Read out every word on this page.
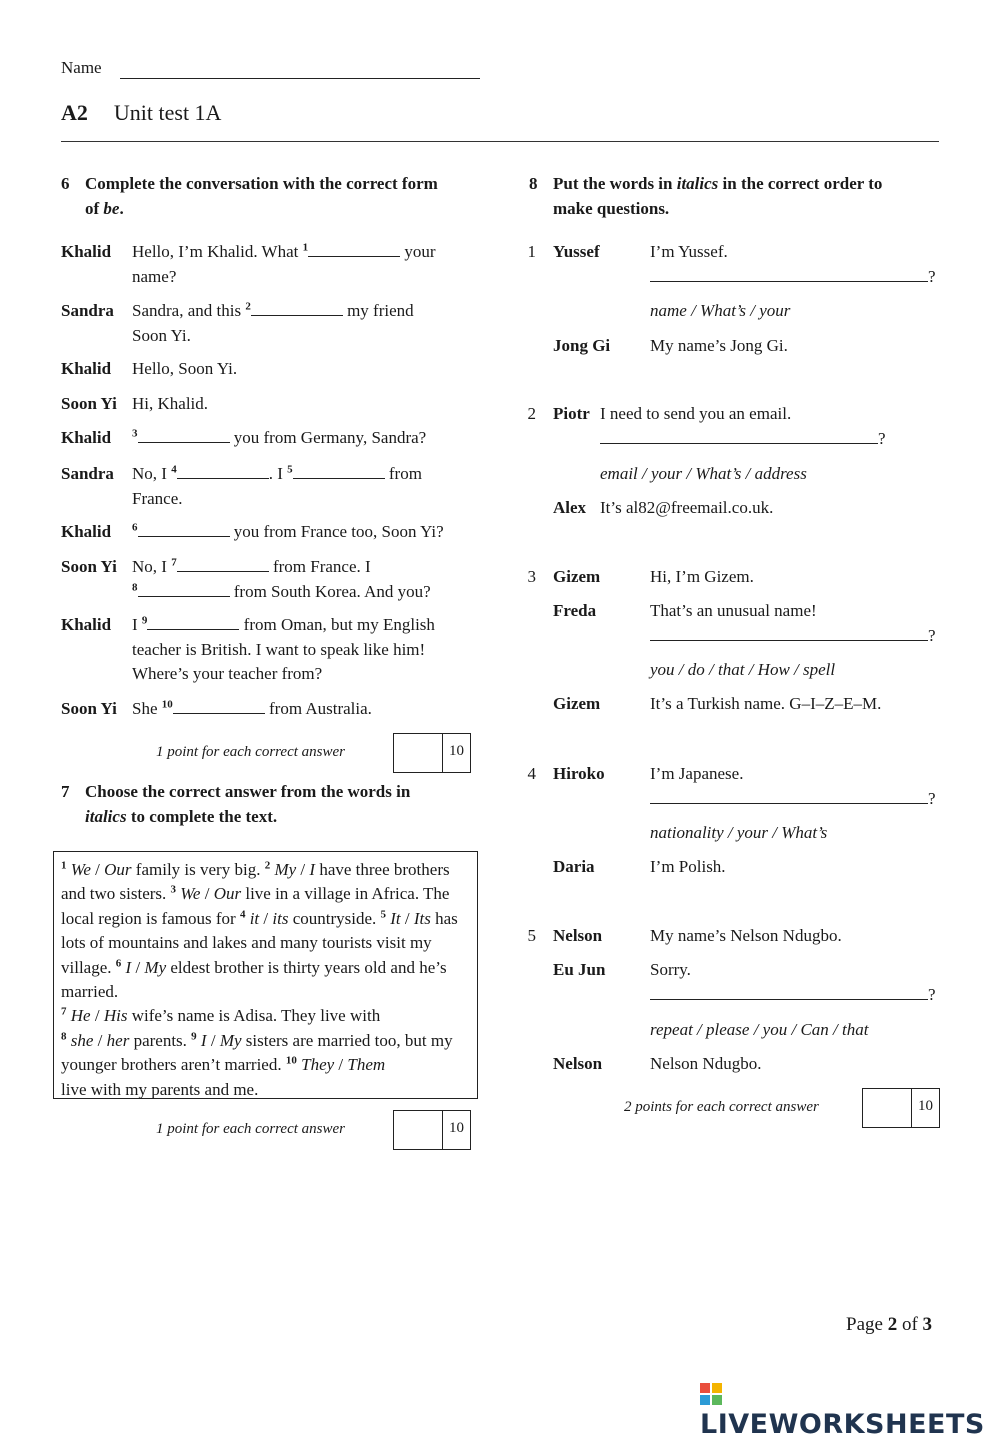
Name
A2 Unit test 1A
6 Complete the conversation with the correct form
of be.
Khalid Hello, I’m Khalid. What $^1$	your
name?
Sandra Sandra, and this $^2$	my friend
Soon Yi.
Khalid Hello, Soon Yi.
Soon Yi Hi, Khalid.
Khalid $^3$	you from Germany, Sandra?
Sandra No, I $^4$	. I $^5$	from
France.
Khalid $^6$	you from France too, Soon Yi?
Soon Yi No, I $^7$	from France. I
$^8$	from South Korea. And you?
Khalid I $^9$	from Oman, but my English
teacher is British. I want to speak like him!
Where’s your teacher from?
Soon Yi She $^{10}$	from Australia.
1 point for each correct answer	10
7 Choose the correct answer from the words in
italics to complete the text.

$^1$ We / Our family is very big. $^2$ My / I have three brothers and two sisters. $^3$ We / Our live in a village in Africa. The local region is famous for $^4$ it / its countryside. $^5$ It / Its has lots of mountains and lakes and many tourists visit my village. $^6$ I / My eldest brother is thirty years old and he’s married.
$^7$ He / His wife’s name is Adisa. They live with
$^8$ she / her parents. $^9$ I / My sisters are married too, but my younger brothers aren’t married. $^{10}$ They / Them
live with my parents and me.

1 point for each correct answer	10
8 Put the words in italics in the correct order to
make questions.
1 Yussef	I’m Yussef.
?
name / What’s / your
Jong Gi My name’s Jong Gi.
2 Piotr I need to send you an email.
?
email / your / What’s / address
Alex It’s al82@freemail.co.uk.
3 Gizem	Hi, I’m Gizem.
Freda	That’s an unusual name!
?
you / do / that / How / spell
Gizem	It’s a Turkish name. G–I–Z–E–M.
4 Hiroko	I’m Japanese.
?
nationality / your / What’s
Daria	I’m Polish.
5 Nelson	My name’s Nelson Ndugbo.
Eu Jun	Sorry.
?
repeat / please / you / Can / that
Nelson	Nelson Ndugbo.
2 points for each correct answer	10
Page 2 of 3
LIVEWORKSHEETS
